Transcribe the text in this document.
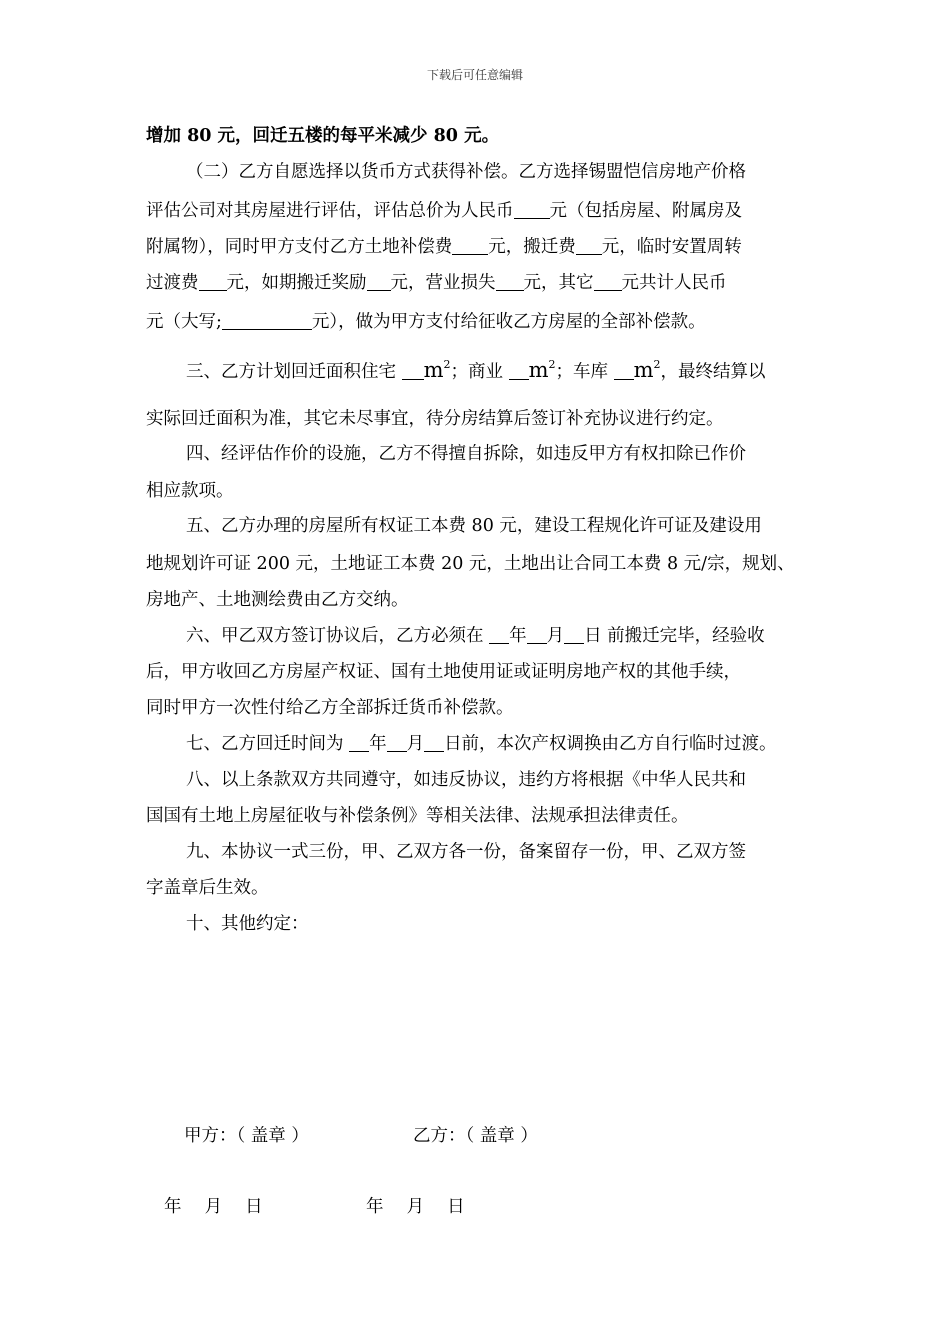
下载后可任意编辑
增加 80 元，回迁五楼的每平米减少 80 元。
（二）乙方自愿选择以货币方式获得补偿。乙方选择锡盟恺信房地产价格
评估公司对其房屋进行评估，评估总价为人民币 元（包括房屋、附属房及
附属物），同时甲方支付乙方土地补偿费 元，搬迁费 元，临时安置周转
过渡费 元，如期搬迁奖励 元，营业损失 元，其它 元共计人民币
元（大写;	元），做为甲方支付给征收乙方房屋的全部补偿款。
三、乙方计划回迁面积住宅 $m^2$；商业 $m^2$；车库 $m^2$，最终结算以
实际回迁面积为准，其它未尽事宜，待分房结算后签订补充协议进行约定。
四、经评估作价的设施，乙方不得擅自拆除，如违反甲方有权扣除已作价
相应款项。
五、乙方办理的房屋所有权证工本费 80 元，建设工程规化许可证及建设用
地规划许可证 200 元，土地证工本费 20 元，土地出让合同工本费 8 元/宗，规划、
房地产、土地测绘费由乙方交纳。
六、甲乙双方签订协议后，乙方必须在 年 月 日 前搬迁完毕，经验收
后，甲方收回乙方房屋产权证、国有土地使用证或证明房地产权的其他手续，
同时甲方一次性付给乙方全部拆迁货币补偿款。
七、乙方回迁时间为 年 月 日前，本次产权调换由乙方自行临时过渡。
八、以上条款双方共同遵守，如违反协议，违约方将根据《中华人民共和
国国有土地上房屋征收与补偿条例》等相关法律、法规承担法律责任。
九、本协议一式三份，甲、乙双方各一份，备案留存一份，甲、乙双方签
字盖章后生效。
十、其他约定：
甲方：（ 盖章 ）	乙方：（ 盖章 ）
年　 月　 日	年　 月　 日
